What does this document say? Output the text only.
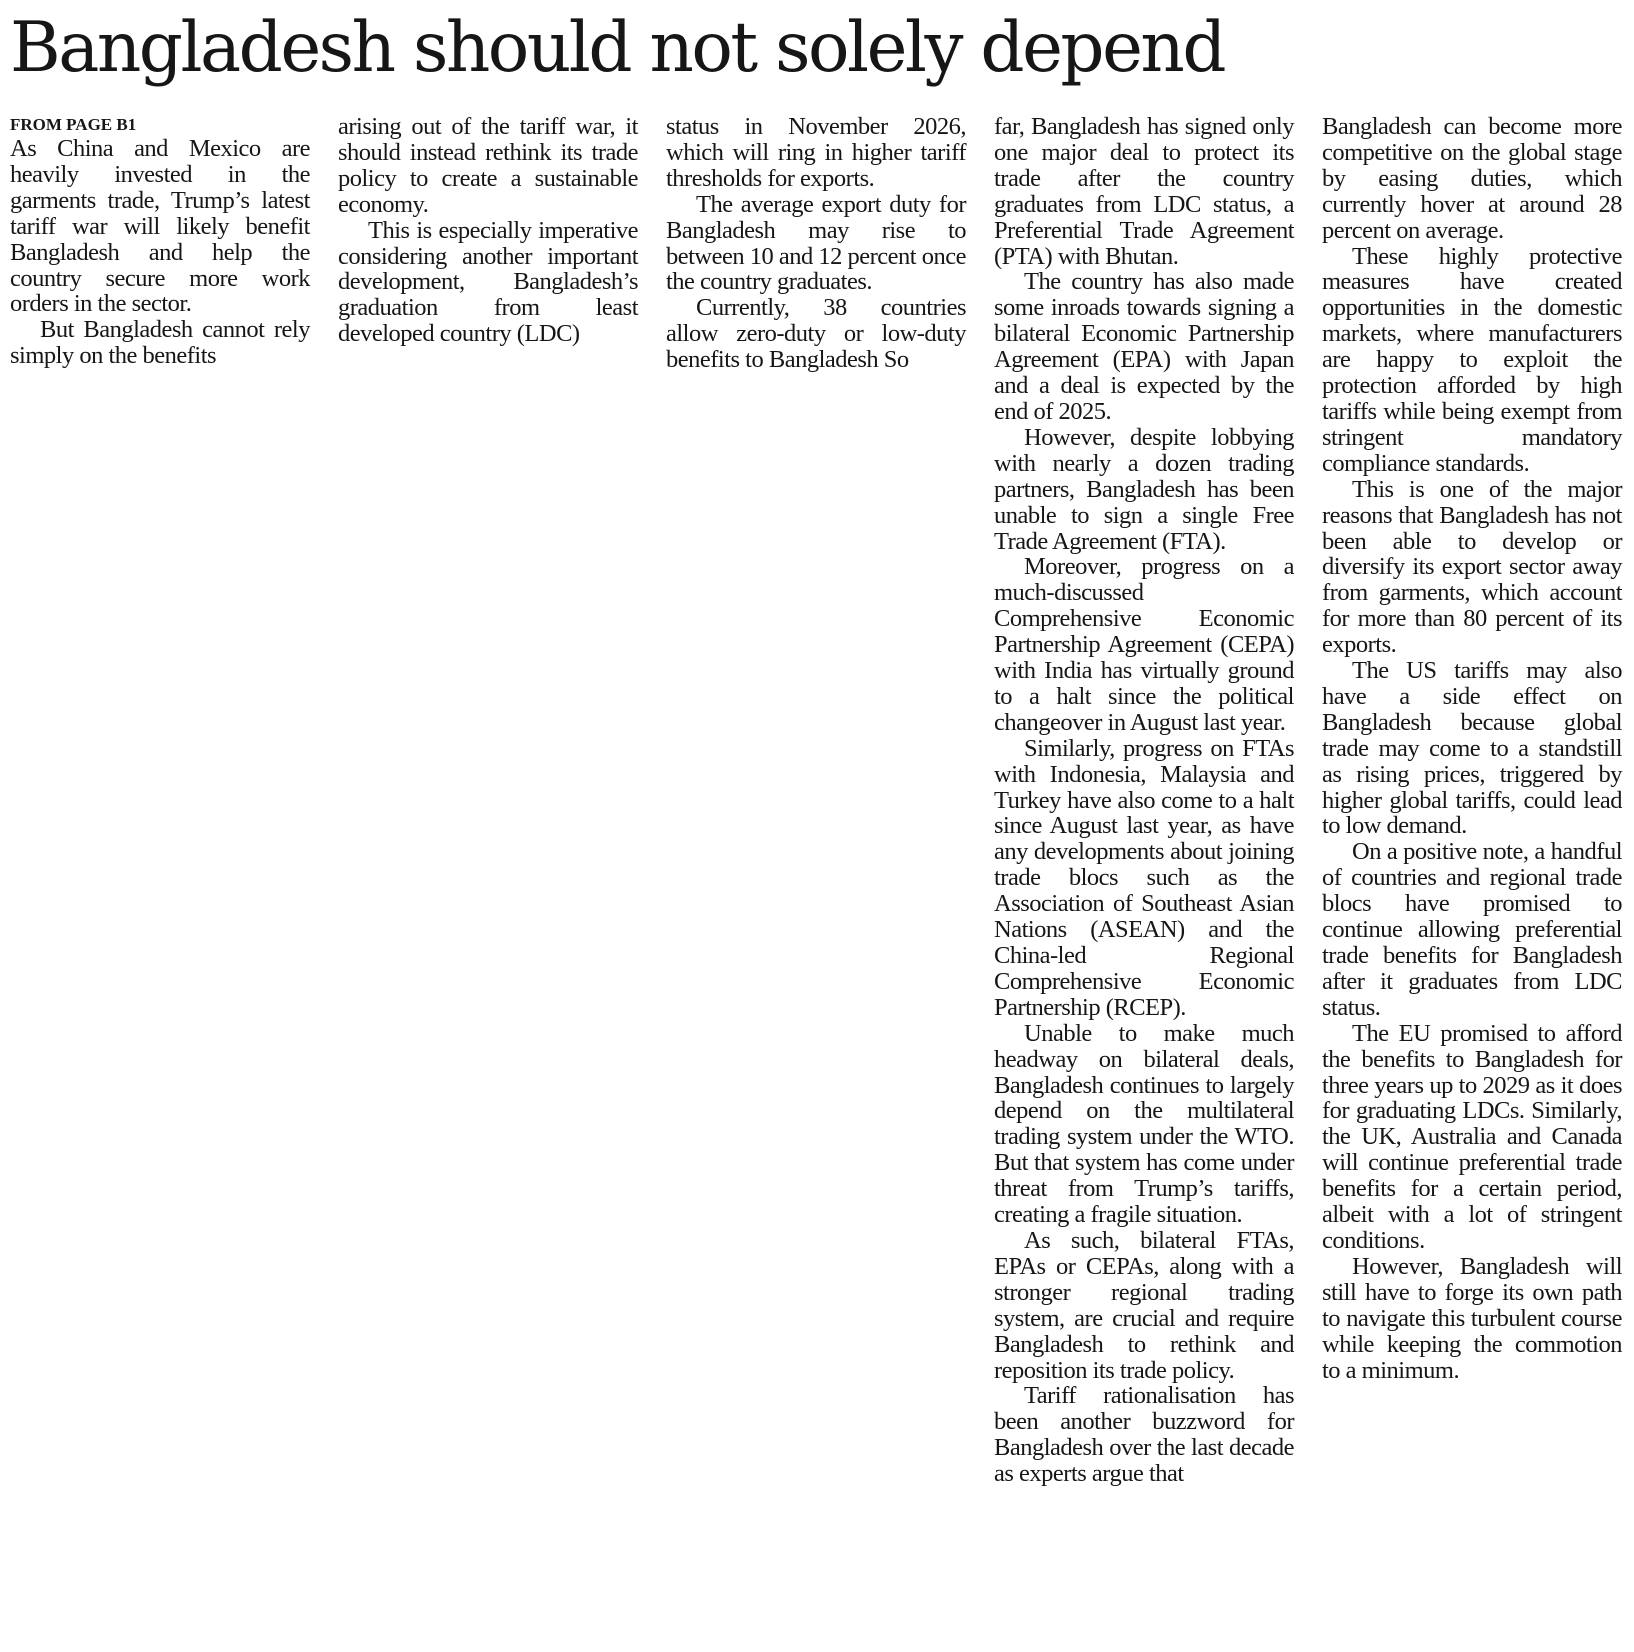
Bangladesh should not solely depend
FROM PAGE B1

As China and Mexico are heavily invested in the garments trade, Trump’s latest tariff war will likely benefit Bangladesh and help the country secure more work orders in the sector.

But Bangladesh cannot rely simply on the benefits

arising out of the tariff war, it should instead rethink its trade policy to create a sustainable economy.

This is especially imperative considering another important development, Bangladesh’s graduation from least developed country (LDC)

status in November 2026, which will ring in higher tariff thresholds for exports.

The average export duty for Bangladesh may rise to between 10 and 12 percent once the country graduates.

Currently, 38 countries allow zero-duty or low-duty benefits to Bangladesh So

far, Bangladesh has signed only one major deal to protect its trade after the country graduates from LDC status, a Preferential Trade Agreement (PTA) with Bhutan.

The country has also made some inroads towards signing a bilateral Economic Partnership Agreement (EPA) with Japan and a deal is expected by the end of 2025.

However, despite lobbying with nearly a dozen trading partners, Bangladesh has been unable to sign a single Free Trade Agreement (FTA).

Moreover, progress on a much-discussed Comprehensive Economic Partnership Agreement (CEPA) with India has virtually ground to a halt since the political changeover in August last year.

Similarly, progress on FTAs with Indonesia, Malaysia and Turkey have also come to a halt since August last year, as have any developments about joining trade blocs such as the Association of Southeast Asian Nations (ASEAN) and the China-led Regional Comprehensive Economic Partnership (RCEP).

Unable to make much headway on bilateral deals, Bangladesh continues to largely depend on the multilateral trading system under the WTO. But that system has come under threat from Trump’s tariffs, creating a fragile situation.

As such, bilateral FTAs, EPAs or CEPAs, along with a stronger regional trading system, are crucial and require Bangladesh to rethink and reposition its trade policy.

Tariff rationalisation has been another buzzword for Bangladesh over the last decade as experts argue that

Bangladesh can become more competitive on the global stage by easing duties, which currently hover at around 28 percent on average.

These highly protective measures have created opportunities in the domestic markets, where manufacturers are happy to exploit the protection afforded by high tariffs while being exempt from stringent mandatory compliance standards.

This is one of the major reasons that Bangladesh has not been able to develop or diversify its export sector away from garments, which account for more than 80 percent of its exports.

The US tariffs may also have a side effect on Bangladesh because global trade may come to a standstill as rising prices, triggered by higher global tariffs, could lead to low demand.

On a positive note, a handful of countries and regional trade blocs have promised to continue allowing preferential trade benefits for Bangladesh after it graduates from LDC status.

The EU promised to afford the benefits to Bangladesh for three years up to 2029 as it does for graduating LDCs. Similarly, the UK, Australia and Canada will continue preferential trade benefits for a certain period, albeit with a lot of stringent conditions.

However, Bangladesh will still have to forge its own path to navigate this turbulent course while keeping the commotion to a minimum.
